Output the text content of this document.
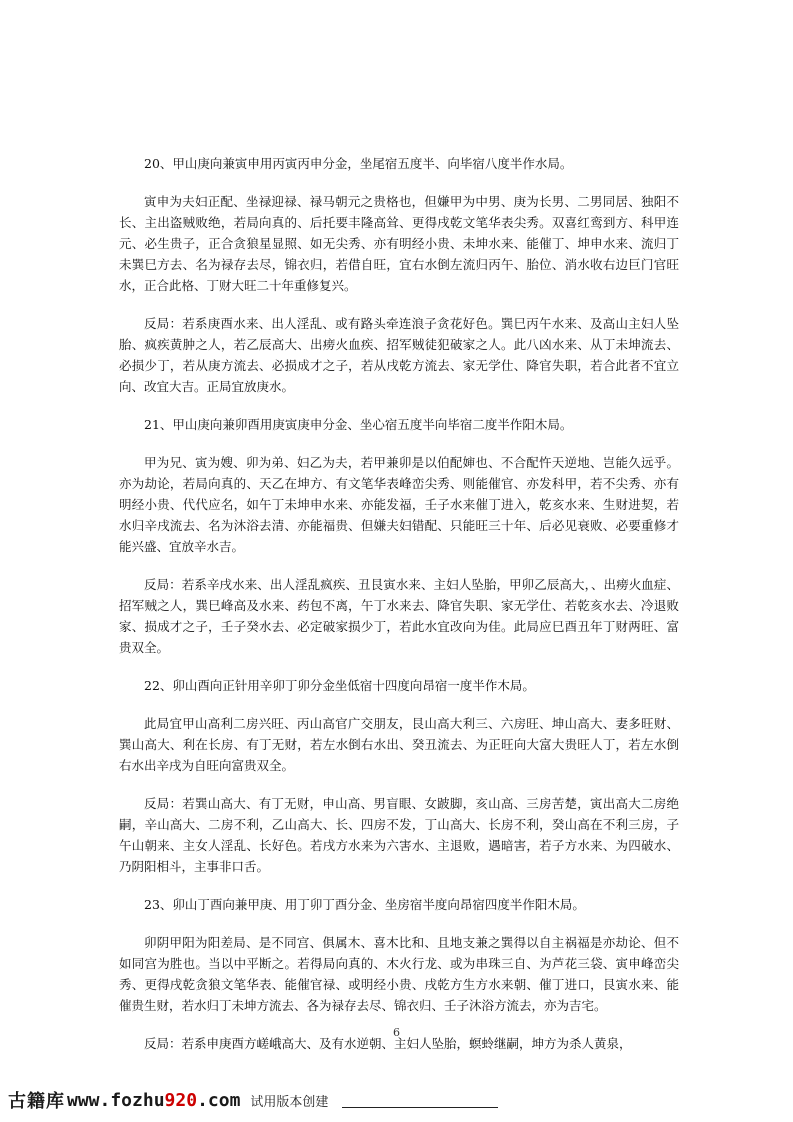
20、甲山庚向兼寅申用丙寅丙申分金，坐尾宿五度半、向毕宿八度半作水局。

寅申为夫妇正配、坐禄迎禄、禄马朝元之贵格也，但嫌甲为中男、庚为长男、二男同居、独阳不长、主出盗贼败绝，若局向真的、后托要丰隆高耸、更得戌乾文笔华表尖秀。双喜红鸾到方、科甲连元、必生贵子，正合贪狼星显照、如无尖秀、亦有明经小贵、未坤水来、能催丁、坤申水来、流归丁未巽巳方去、名为禄存去尽，锦衣归，若借自旺，宜右水倒左流归丙午、胎位、消水收右边巨门官旺水，正合此格、丁财大旺二十年重修复兴。

反局：若系庚酉水来、出人淫乱、或有路头牵连浪子贪花好色。巽巳丙午水来、及高山主妇人坠胎、疯疾黄肿之人，若乙辰高大、出痨火血疾、招军贼徒犯破家之人。此八凶水来、从丁未坤流去、必损少丁，若从庚方流去、必损成才之子，若从戌乾方流去、家无学仕、降官失职，若合此者不宜立向、改宜大吉。正局宜放庚水。

21、甲山庚向兼卯酉用庚寅庚申分金、坐心宿五度半向毕宿二度半作阳木局。

甲为兄、寅为嫂、卯为弟、妇乙为夫，若甲兼卯是以伯配婶也、不合配忤天逆地、岂能久远乎。亦为劫论，若局向真的、天乙在坤方、有文笔华表峰峦尖秀、则能催官、亦发科甲，若不尖秀、亦有明经小贵、代代应名，如午丁未坤申水来、亦能发福，壬子水来催丁进入，乾亥水来、生财进契，若水归辛戌流去、名为沐浴去清、亦能福贵、但嫌夫妇错配、只能旺三十年、后必见衰败、必要重修才能兴盛、宜放辛水吉。

反局：若系辛戌水来、出人淫乱疯疾、丑艮寅水来、主妇人坠胎，甲卯乙辰高大，、出痨火血症、招军贼之人，巽巳峰高及水来、药包不离，午丁水来去、降官失职、家无学仕、若乾亥水去、冷退败家、损成才之子，壬子癸水去、必定破家损少丁，若此水宜改向为佳。此局应巳酉丑年丁财两旺、富贵双全。

22、卯山酉向正针用辛卯丁卯分金坐低宿十四度向昂宿一度半作木局。

此局宜甲山高利二房兴旺、丙山高官广交朋友，艮山高大利三、六房旺、坤山高大、妻多旺财、巽山高大、利在长房、有丁无财，若左水倒右水出、癸丑流去、为正旺向大富大贵旺人丁，若左水倒右水出辛戌为自旺向富贵双全。

反局：若巽山高大、有丁无财，申山高、男盲眼、女跛脚，亥山高、三房苦楚，寅出高大二房绝嗣，辛山高大、二房不利，乙山高大、长、四房不发，丁山高大、长房不利，癸山高在不利三房，子午山朝来、主女人淫乱、长好色。若戌方水来为六害水、主退败，遇暗害，若子方水来、为四破水、乃阴阳相斗，主事非口舌。

23、卯山丁酉向兼甲庚、用丁卯丁酉分金、坐房宿半度向昂宿四度半作阳木局。

卯阴甲阳为阳差局、是不同宫、俱属木、喜木比和、且地支兼之巽得以自主祸福是亦劫论、但不如同宫为胜也。当以中平断之。若得局向真的、木火行龙、或为串珠三自、为芦花三袋、寅申峰峦尖秀、更得戌乾贪狼文笔华表、能催官禄、或明经小贵、戌乾方生方水来朝、催丁进口，艮寅水来、能催贵生财，若水归丁未坤方流去、各为禄存去尽、锦衣归、壬子沐浴方流去，亦为吉宅。

反局：若系申庚酉方嵯峨高大、及有水逆朝、主妇人坠胎，螟蛉继嗣，坤方为杀人黄泉，

6
古籍库 www.fozhu920.com 试用版本创建
